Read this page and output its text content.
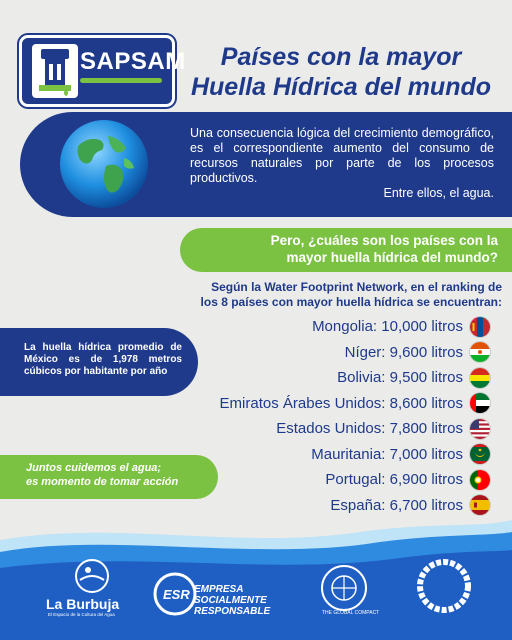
SAPSAM	Países con la mayor
Huella Hídrica del mundo
Una consecuencia lógica del crecimiento demográfico, es el correspondiente aumento del consumo de recursos naturales por parte de los procesos productivos.
Entre ellos, el agua.
Pero, ¿cuáles son los países con la
mayor huella hídrica del mundo?
Según la Water Footprint Network, en el ranking de
los 8 países con mayor huella hídrica se encuentran:
La huella hídrica promedio de México es de 1,978 metros cúbicos por habitante por año
Juntos cuidemos el agua;
es momento de tomar acción
Mongolia: 10,000 litros
Níger: 9,600 litros
Bolivia: 9,500 litros
Emiratos Árabes Unidos: 8,600 litros
Estados Unidos: 7,800 litros
Mauritania: 7,000 litros
Portugal: 6,900 litros
España: 6,700 litros
ESR
La Burbuja
El Espacio de la Cultura del Agua
EMPRESA
SOCIALMENTE
RESPONSABLE	THE GLOBAL COMPACT
